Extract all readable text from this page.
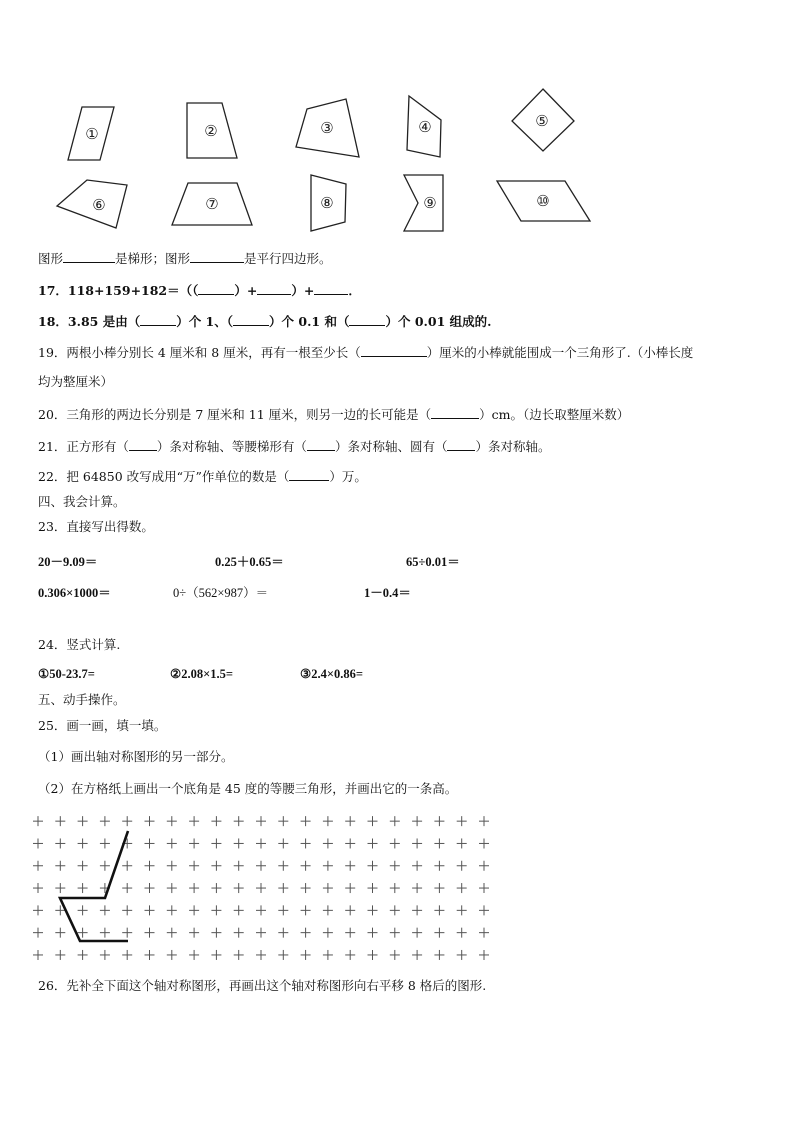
①	②	③	④	⑤
⑥	⑦	⑧	⑨	⑩
图形	是梯形；图形	是平行四边形。
17．118+159+182＝（（	）+	）+	．
18．3.85 是由（	）个 1、（	）个 0.1 和（	）个 0.01 组成的.
19．两根小棒分别长 4 厘米和 8 厘米，再有一根至少长（	）厘米的小棒就能围成一个三角形了.（小棒长度
均为整厘米）
20．三角形的两边长分别是 7 厘米和 11 厘米，则另一边的长可能是（	）cm。（边长取整厘米数）
21．正方形有（ ）条对称轴、等腰梯形有（ ）条对称轴、圆有（ ）条对称轴。
22．把 64850 改写成用“万”作单位的数是（	）万。
四、我会计算。
23．直接写出得数。
20－9.09＝	0.25＋0.65＝	65÷0.01＝
0.306×1000＝	0÷（562×987）＝	1－0.4＝
24．竖式计算.
①50-23.7=	②2.08×1.5=	③2.4×0.86=
五、动手操作。
25．画一画，填一填。
（1）画出轴对称图形的另一部分。
（2）在方格纸上画出一个底角是 45 度的等腰三角形，并画出它的一条高。
26．先补全下面这个轴对称图形，再画出这个轴对称图形向右平移 8 格后的图形.
